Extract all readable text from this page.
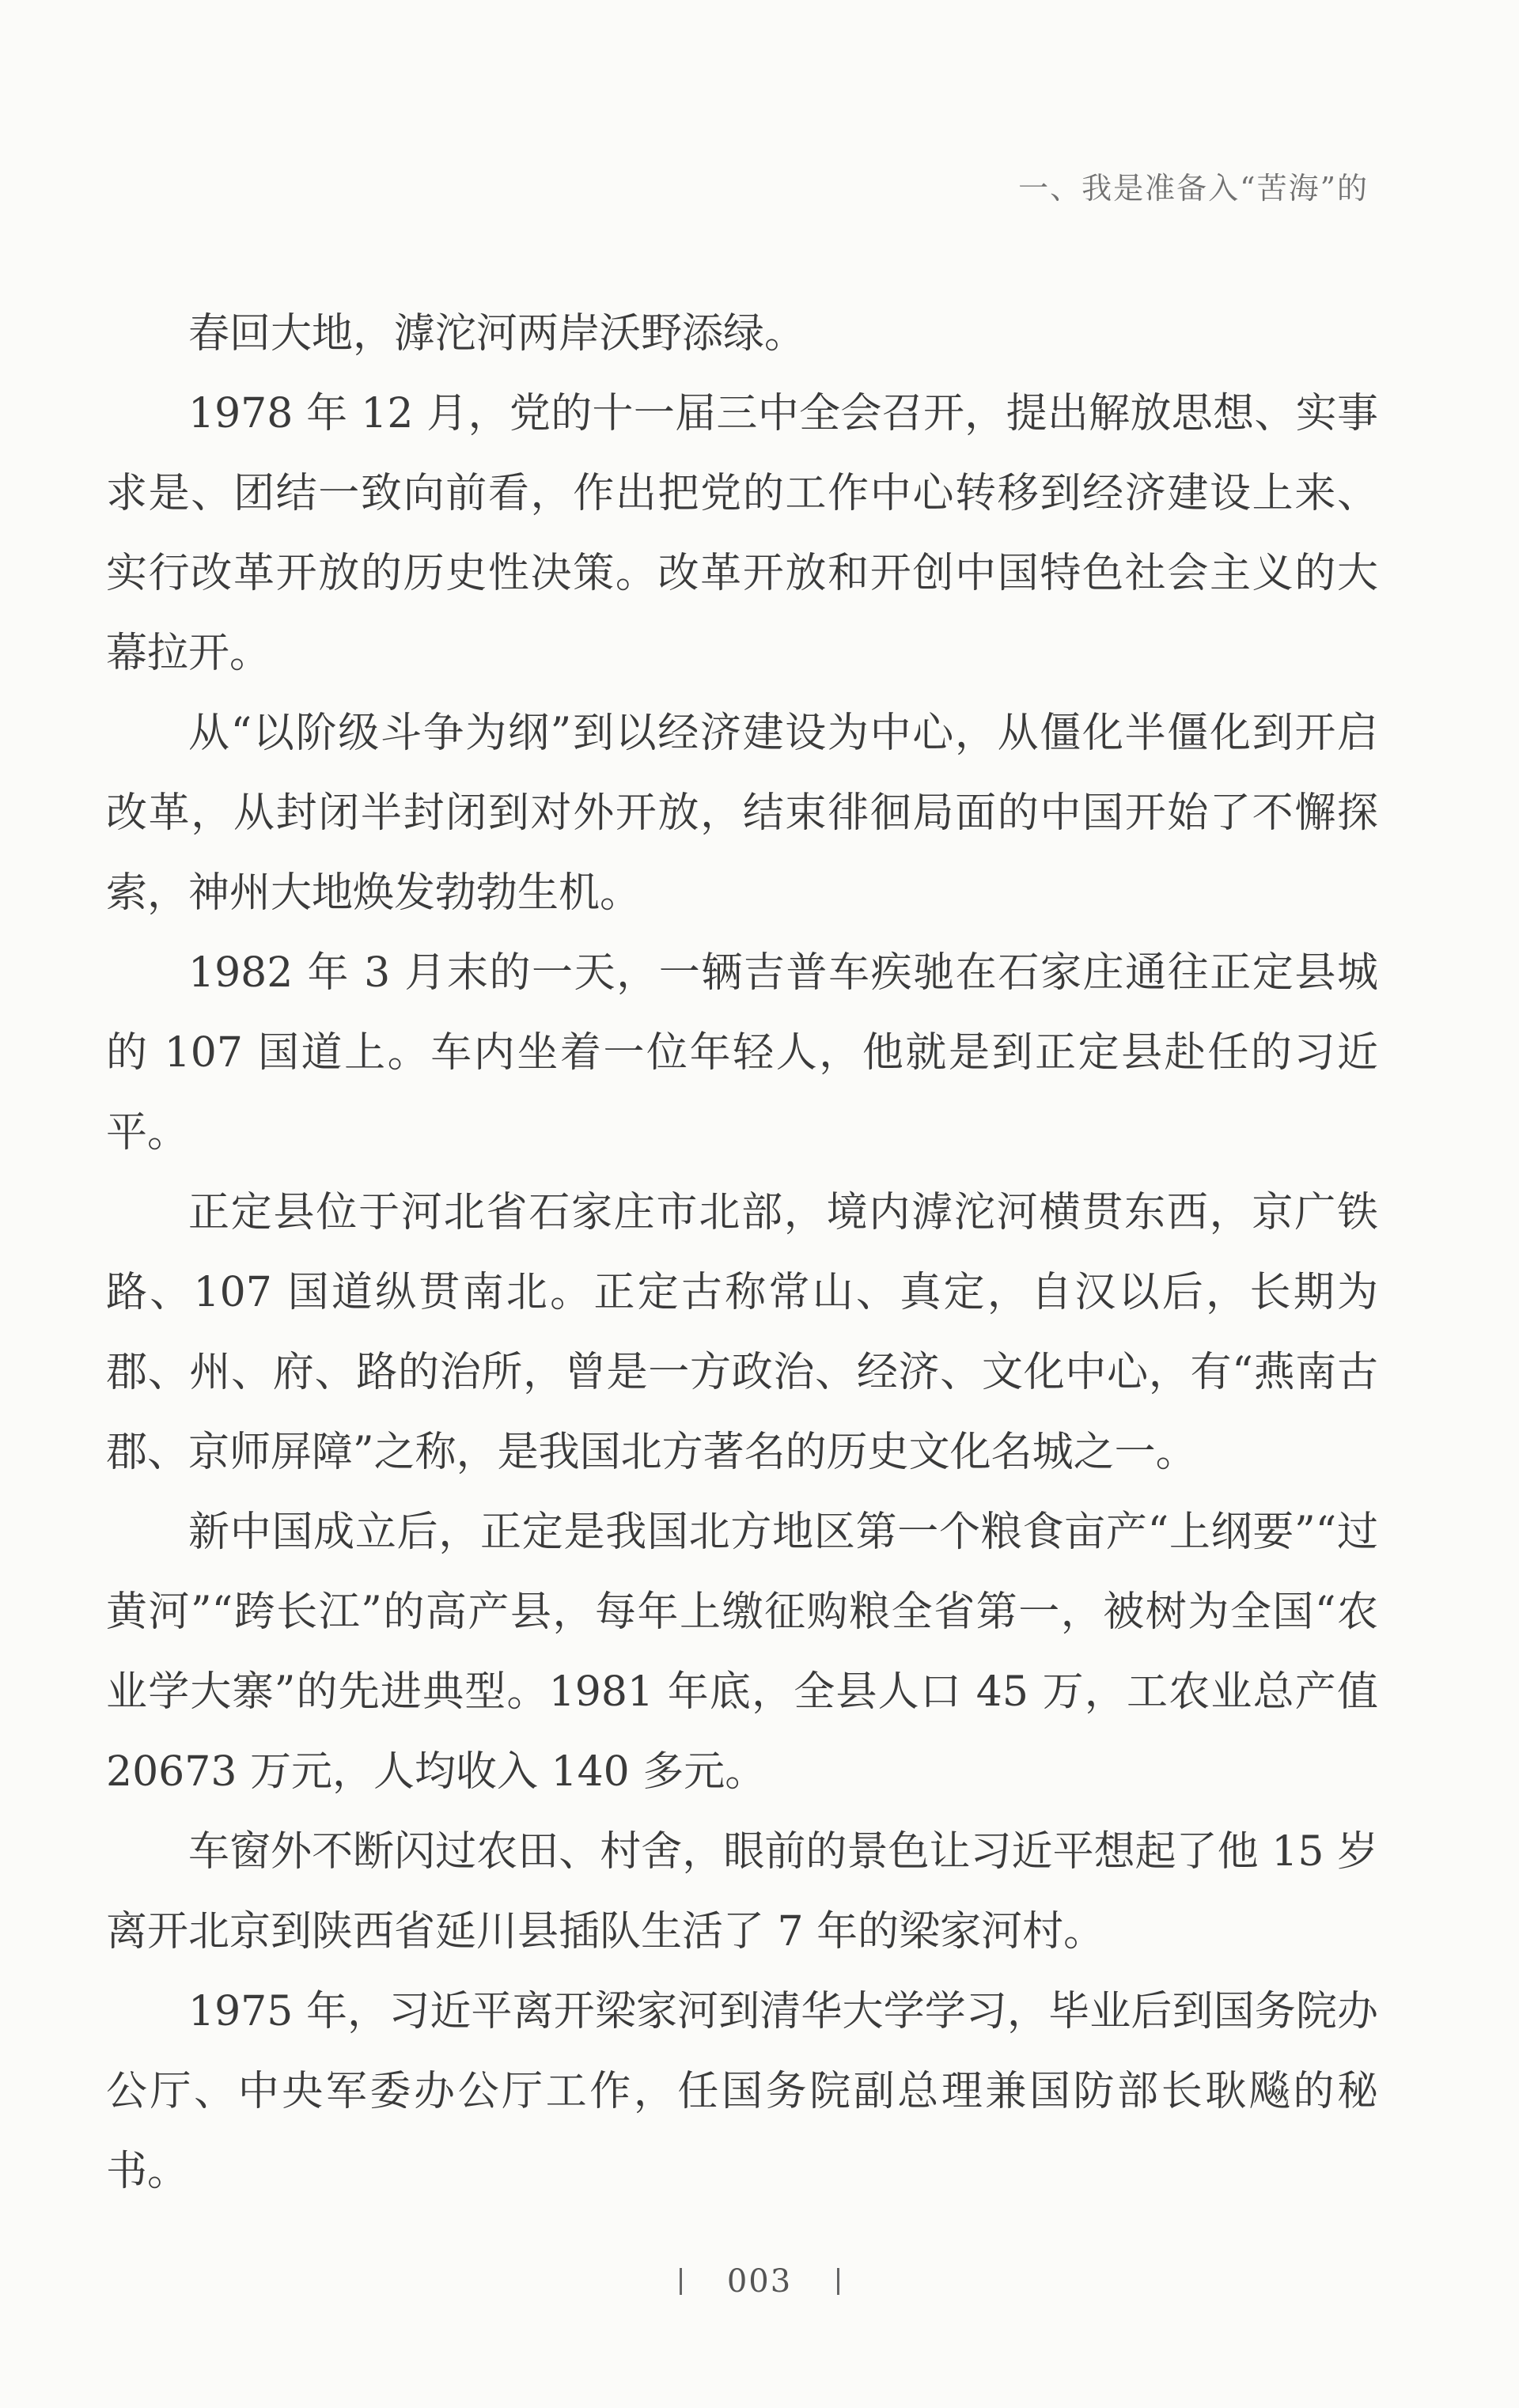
一、我是准备入“苦海”的

春回大地，滹沱河两岸沃野添绿。

1978 年 12 月，党的十一届三中全会召开，提出解放思想、实事求是、团结一致向前看，作出把党的工作中心转移到经济建设上来、实行改革开放的历史性决策。改革开放和开创中国特色社会主义的大幕拉开。

从“以阶级斗争为纲”到以经济建设为中心，从僵化半僵化到开启改革，从封闭半封闭到对外开放，结束徘徊局面的中国开始了不懈探索，神州大地焕发勃勃生机。

1982 年 3 月末的一天，一辆吉普车疾驰在石家庄通往正定县城的 107 国道上。车内坐着一位年轻人，他就是到正定县赴任的习近平。

正定县位于河北省石家庄市北部，境内滹沱河横贯东西，京广铁路、107 国道纵贯南北。正定古称常山、真定，自汉以后，长期为郡、州、府、路的治所，曾是一方政治、经济、文化中心，有“燕南古郡、京师屏障”之称，是我国北方著名的历史文化名城之一。

新中国成立后，正定是我国北方地区第一个粮食亩产“上纲要”“过黄河”“跨长江”的高产县，每年上缴征购粮全省第一，被树为全国“农业学大寨”的先进典型。1981 年底，全县人口 45 万，工农业总产值 20673 万元，人均收入 140 多元。

车窗外不断闪过农田、村舍，眼前的景色让习近平想起了他 15 岁离开北京到陕西省延川县插队生活了 7 年的梁家河村。

1975 年，习近平离开梁家河到清华大学学习，毕业后到国务院办公厅、中央军委办公厅工作，任国务院副总理兼国防部长耿飚的秘书。

003
